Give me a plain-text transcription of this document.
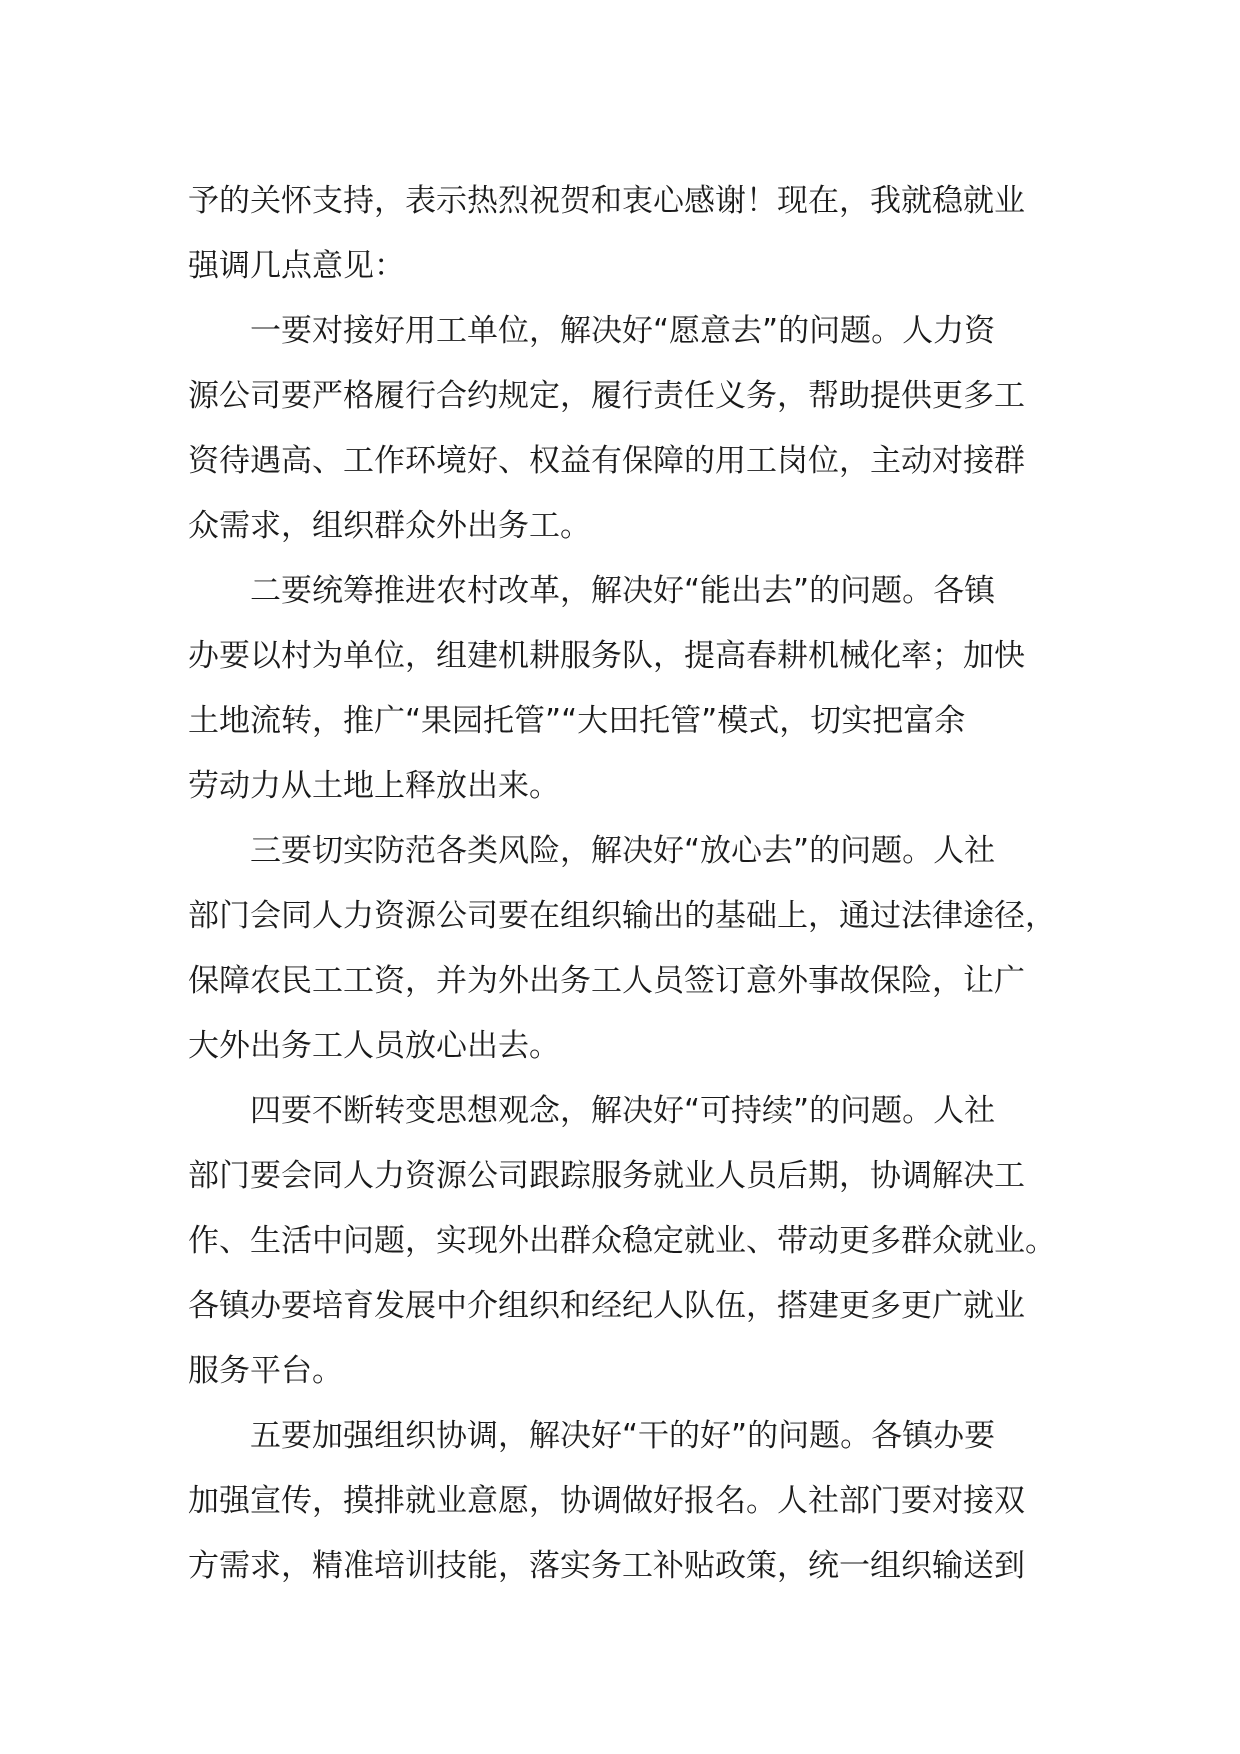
予的关怀支持，表示热烈祝贺和衷心感谢！现在，我就稳就业
强调几点意见：
一要对接好用工单位，解决好“愿意去”的问题。人力资
源公司要严格履行合约规定，履行责任义务，帮助提供更多工
资待遇高、工作环境好、权益有保障的用工岗位，主动对接群
众需求，组织群众外出务工。
二要统筹推进农村改革，解决好“能出去”的问题。各镇
办要以村为单位，组建机耕服务队，提高春耕机械化率；加快
土地流转，推广“果园托管”“大田托管”模式，切实把富余
劳动力从土地上释放出来。
三要切实防范各类风险，解决好“放心去”的问题。人社
部门会同人力资源公司要在组织输出的基础上，通过法律途径，
保障农民工工资，并为外出务工人员签订意外事故保险，让广
大外出务工人员放心出去。
四要不断转变思想观念，解决好“可持续”的问题。人社
部门要会同人力资源公司跟踪服务就业人员后期，协调解决工
作、生活中问题，实现外出群众稳定就业、带动更多群众就业。
各镇办要培育发展中介组织和经纪人队伍，搭建更多更广就业
服务平台。
五要加强组织协调，解决好“干的好”的问题。各镇办要
加强宣传，摸排就业意愿，协调做好报名。人社部门要对接双
方需求，精准培训技能，落实务工补贴政策，统一组织输送到
